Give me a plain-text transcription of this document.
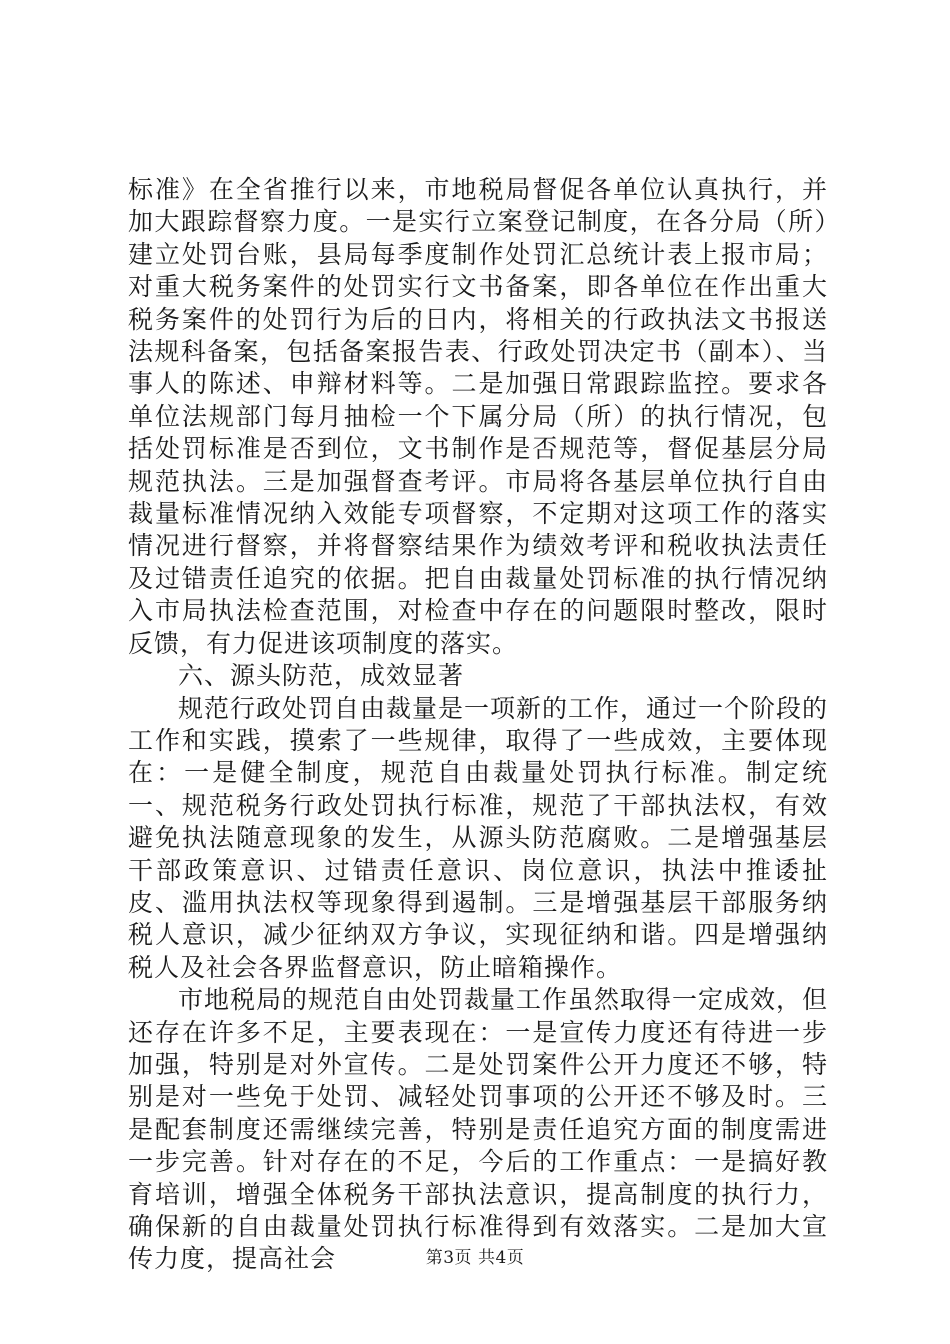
标准》在全省推行以来，市地税局督促各单位认真执行，并加大跟踪督察力度。一是实行立案登记制度，在各分局（所）建立处罚台账，县局每季度制作处罚汇总统计表上报市局；对重大税务案件的处罚实行文书备案，即各单位在作出重大税务案件的处罚行为后的日内，将相关的行政执法文书报送法规科备案，包括备案报告表、行政处罚决定书（副本）、当事人的陈述、申辩材料等。二是加强日常跟踪监控。要求各单位法规部门每月抽检一个下属分局（所）的执行情况，包括处罚标准是否到位，文书制作是否规范等，督促基层分局规范执法。三是加强督查考评。市局将各基层单位执行自由裁量标准情况纳入效能专项督察，不定期对这项工作的落实情况进行督察，并将督察结果作为绩效考评和税收执法责任及过错责任追究的依据。把自由裁量处罚标准的执行情况纳入市局执法检查范围，对检查中存在的问题限时整改，限时反馈，有力促进该项制度的落实。

六、源头防范，成效显著

规范行政处罚自由裁量是一项新的工作，通过一个阶段的工作和实践，摸索了一些规律，取得了一些成效，主要体现在：一是健全制度，规范自由裁量处罚执行标准。制定统一、规范税务行政处罚执行标准，规范了干部执法权，有效避免执法随意现象的发生，从源头防范腐败。二是增强基层干部政策意识、过错责任意识、岗位意识，执法中推诿扯皮、滥用执法权等现象得到遏制。三是增强基层干部服务纳税人意识，减少征纳双方争议，实现征纳和谐。四是增强纳税人及社会各界监督意识，防止暗箱操作。

市地税局的规范自由处罚裁量工作虽然取得一定成效，但还存在许多不足，主要表现在：一是宣传力度还有待进一步加强，特别是对外宣传。二是处罚案件公开力度还不够，特别是对一些免于处罚、减轻处罚事项的公开还不够及时。三是配套制度还需继续完善，特别是责任追究方面的制度需进一步完善。针对存在的不足，今后的工作重点：一是搞好教育培训，增强全体税务干部执法意识，提高制度的执行力，确保新的自由裁量处罚执行标准得到有效落实。二是加大宣传力度，提高社会	第3页 共4页
